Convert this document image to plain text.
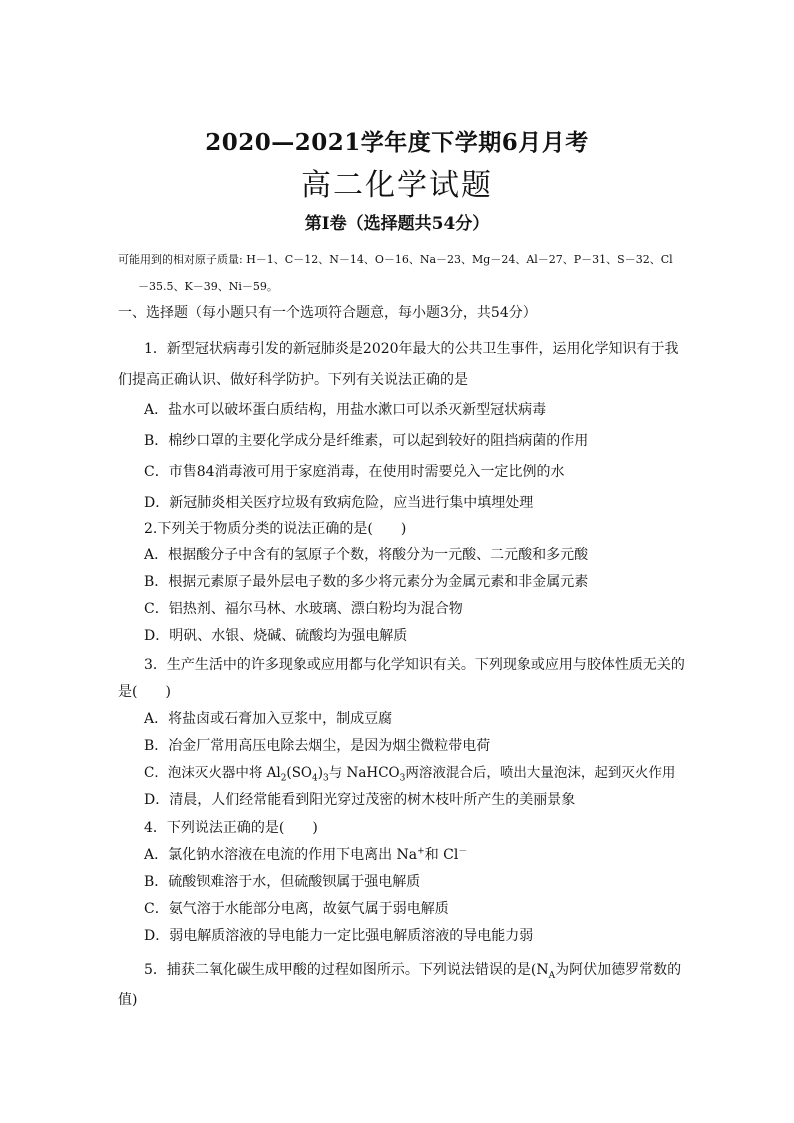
2020—2021学年度下学期6月月考
高二化学试题
第Ⅰ卷（选择题共54分）
可能用到的相对原子质量: H－1、C－12、N－14、O－16、Na－23、Mg－24、Al－27、P－31、S－32、Cl
－35.5、K－39、Ni－59。
一、选择题（每小题只有一个选项符合题意，每小题3分，共54分）
1．新型冠状病毒引发的新冠肺炎是2020年最大的公共卫生事件，运用化学知识有于我
们提高正确认识、做好科学防护。下列有关说法正确的是
A．盐水可以破坏蛋白质结构，用盐水漱口可以杀灭新型冠状病毒
B．棉纱口罩的主要化学成分是纤维素，可以起到较好的阻挡病菌的作用
C．市售84消毒液可用于家庭消毒，在使用时需要兑入一定比例的水
D．新冠肺炎相关医疗垃圾有致病危险，应当进行集中填埋处理
2.下列关于物质分类的说法正确的是(　　)
A．根据酸分子中含有的氢原子个数，将酸分为一元酸、二元酸和多元酸
B．根据元素原子最外层电子数的多少将元素分为金属元素和非金属元素
C．铝热剂、福尔马林、水玻璃、漂白粉均为混合物
D．明矾、水银、烧碱、硫酸均为强电解质
3．生产生活中的许多现象或应用都与化学知识有关。下列现象或应用与胶体性质无关的
是(　　)
A．将盐卤或石膏加入豆浆中，制成豆腐
B．冶金厂常用高压电除去烟尘，是因为烟尘微粒带电荷
C．泡沫灭火器中将 $Al_2(SO_4)_3$与 NaHCO$_3$两溶液混合后，喷出大量泡沫，起到灭火作用
D．清晨，人们经常能看到阳光穿过茂密的树木枝叶所产生的美丽景象
4．下列说法正确的是(　　)
A．氯化钠水溶液在电流的作用下电离出 Na+和 Cl－
B．硫酸钡难溶于水，但硫酸钡属于强电解质
C．氨气溶于水能部分电离，故氨气属于弱电解质
D．弱电解质溶液的导电能力一定比强电解质溶液的导电能力弱
5．捕获二氧化碳生成甲酸的过程如图所示。下列说法错误的是($N_A$为阿伏加德罗常数的
值)
